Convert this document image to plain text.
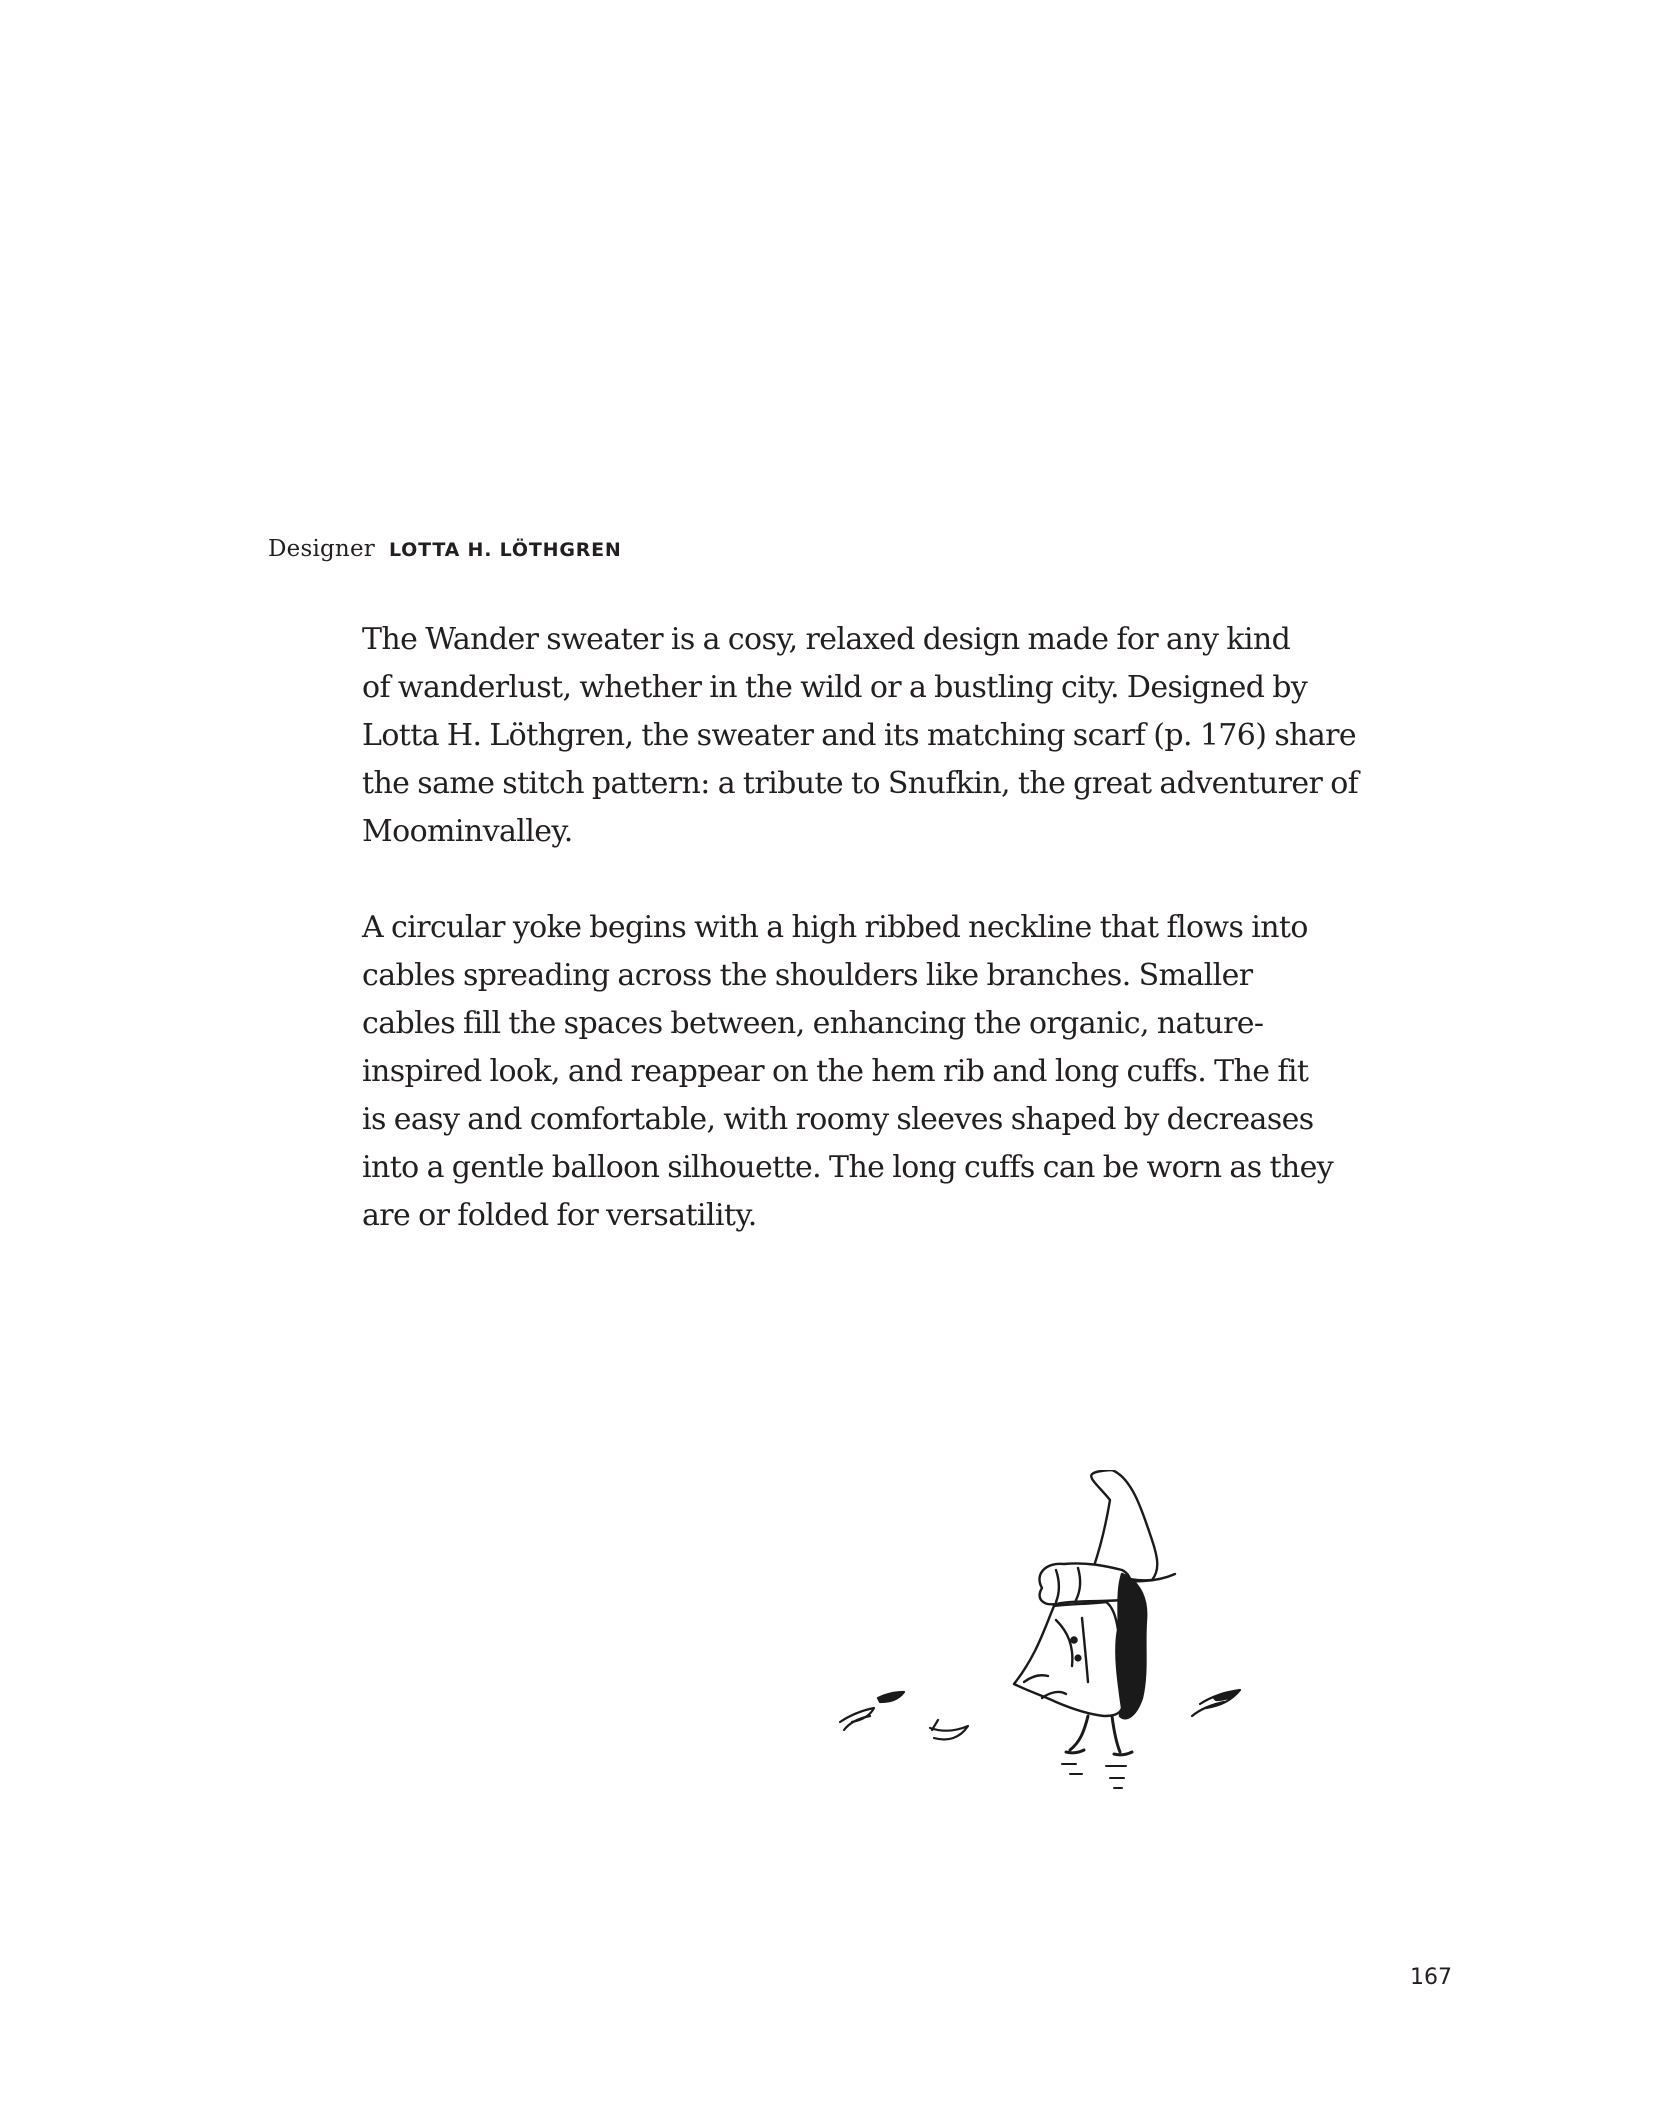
Designer LOTTA H. LÖTHGREN

The Wander sweater is a cosy, relaxed design made for any kind
of wanderlust, whether in the wild or a bustling city. Designed by
Lotta H. Löthgren, the sweater and its matching scarf (p. 176) share
the same stitch pattern: a tribute to Snufkin, the great adventurer of
Moominvalley.

A circular yoke begins with a high ribbed neckline that flows into
cables spreading across the shoulders like branches. Smaller
cables fill the spaces between, enhancing the organic, nature-
inspired look, and reappear on the hem rib and long cuffs. The fit
is easy and comfortable, with roomy sleeves shaped by decreases
into a gentle balloon silhouette. The long cuffs can be worn as they
are or folded for versatility.

167
